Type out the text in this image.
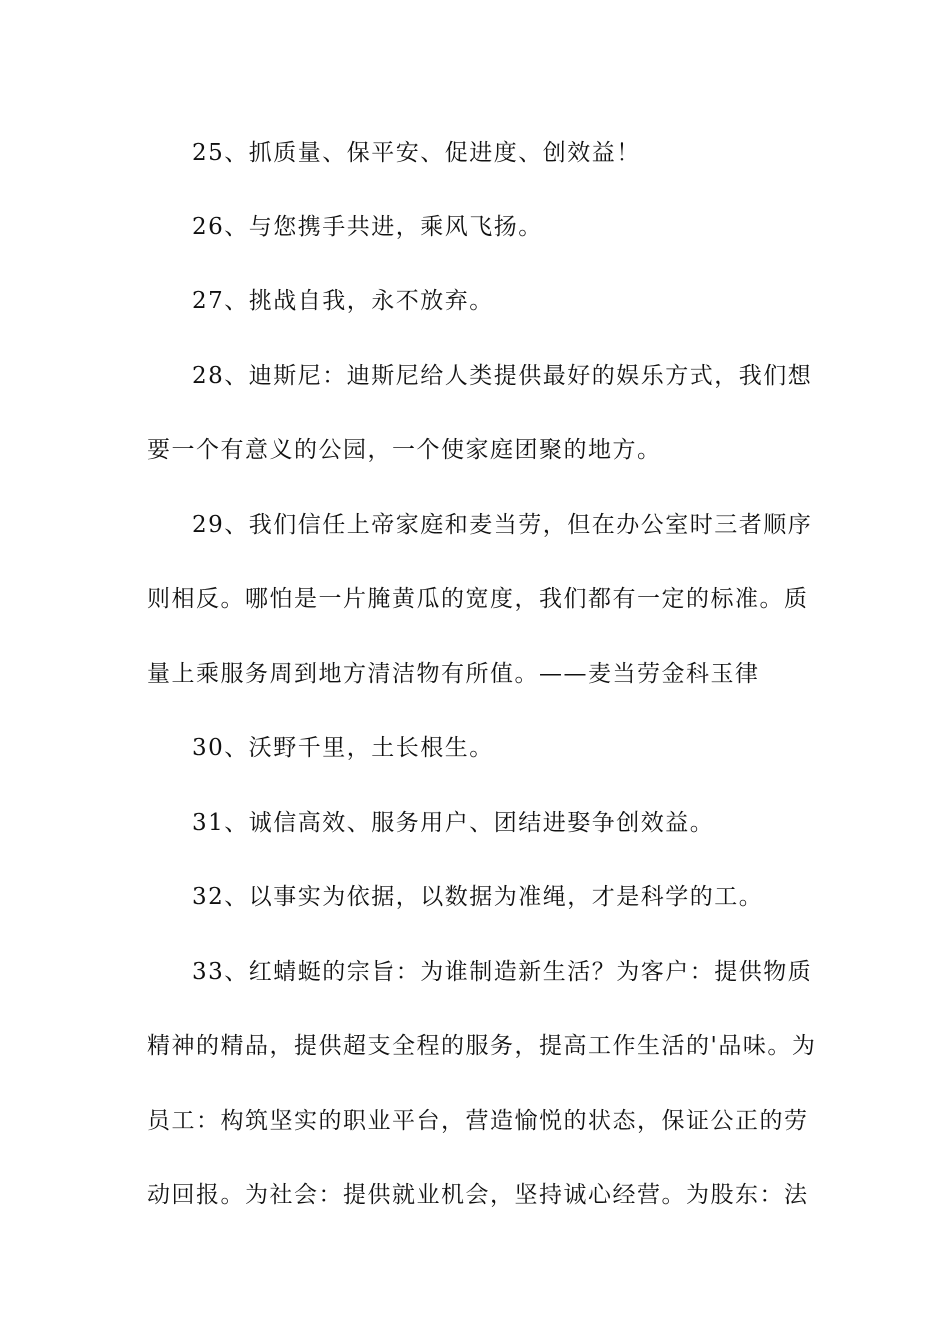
25、抓质量、保平安、促进度、创效益！
26、与您携手共进，乘风飞扬。
27、挑战自我，永不放弃。
28、迪斯尼：迪斯尼给人类提供最好的娱乐方式，我们想
要一个有意义的公园，一个使家庭团聚的地方。
29、我们信任上帝家庭和麦当劳，但在办公室时三者顺序
则相反。哪怕是一片腌黄瓜的宽度，我们都有一定的标准。质
量上乘服务周到地方清洁物有所值。——麦当劳金科玉律
30、沃野千里，土长根生。
31、诚信高效、服务用户、团结进娶争创效益。
32、以事实为依据，以数据为准绳，才是科学的工。
33、红蜻蜓的宗旨：为谁制造新生活？为客户：提供物质
精神的精品，提供超支全程的服务，提高工作生活的'品味。为
员工：构筑坚实的职业平台，营造愉悦的状态，保证公正的劳
动回报。为社会：提供就业机会，坚持诚心经营。为股东：法
